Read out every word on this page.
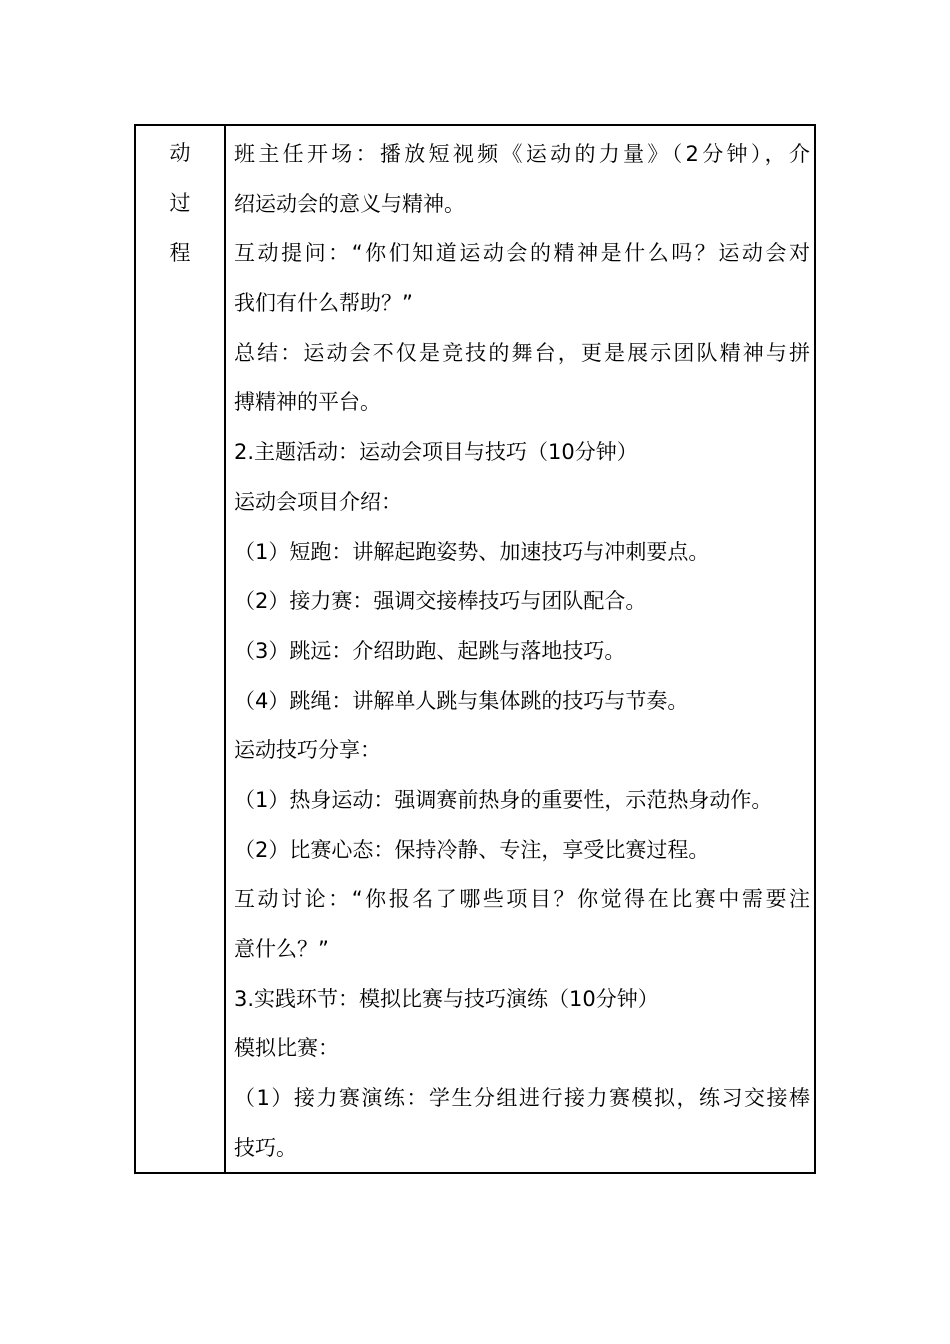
动
过
程
班主任开场：播放短视频《运动的力量》（2分钟），介
绍运动会的意义与精神。
互动提问：“你们知道运动会的精神是什么吗？运动会对
我们有什么帮助？”
总结：运动会不仅是竞技的舞台，更是展示团队精神与拼
搏精神的平台。
2.主题活动：运动会项目与技巧（10分钟）
运动会项目介绍：
（1）短跑：讲解起跑姿势、加速技巧与冲刺要点。
（2）接力赛：强调交接棒技巧与团队配合。
（3）跳远：介绍助跑、起跳与落地技巧。
（4）跳绳：讲解单人跳与集体跳的技巧与节奏。
运动技巧分享：
（1）热身运动：强调赛前热身的重要性，示范热身动作。
（2）比赛心态：保持冷静、专注，享受比赛过程。
互动讨论：“你报名了哪些项目？你觉得在比赛中需要注
意什么？”
3.实践环节：模拟比赛与技巧演练（10分钟）
模拟比赛：
（1）接力赛演练：学生分组进行接力赛模拟，练习交接棒
技巧。
